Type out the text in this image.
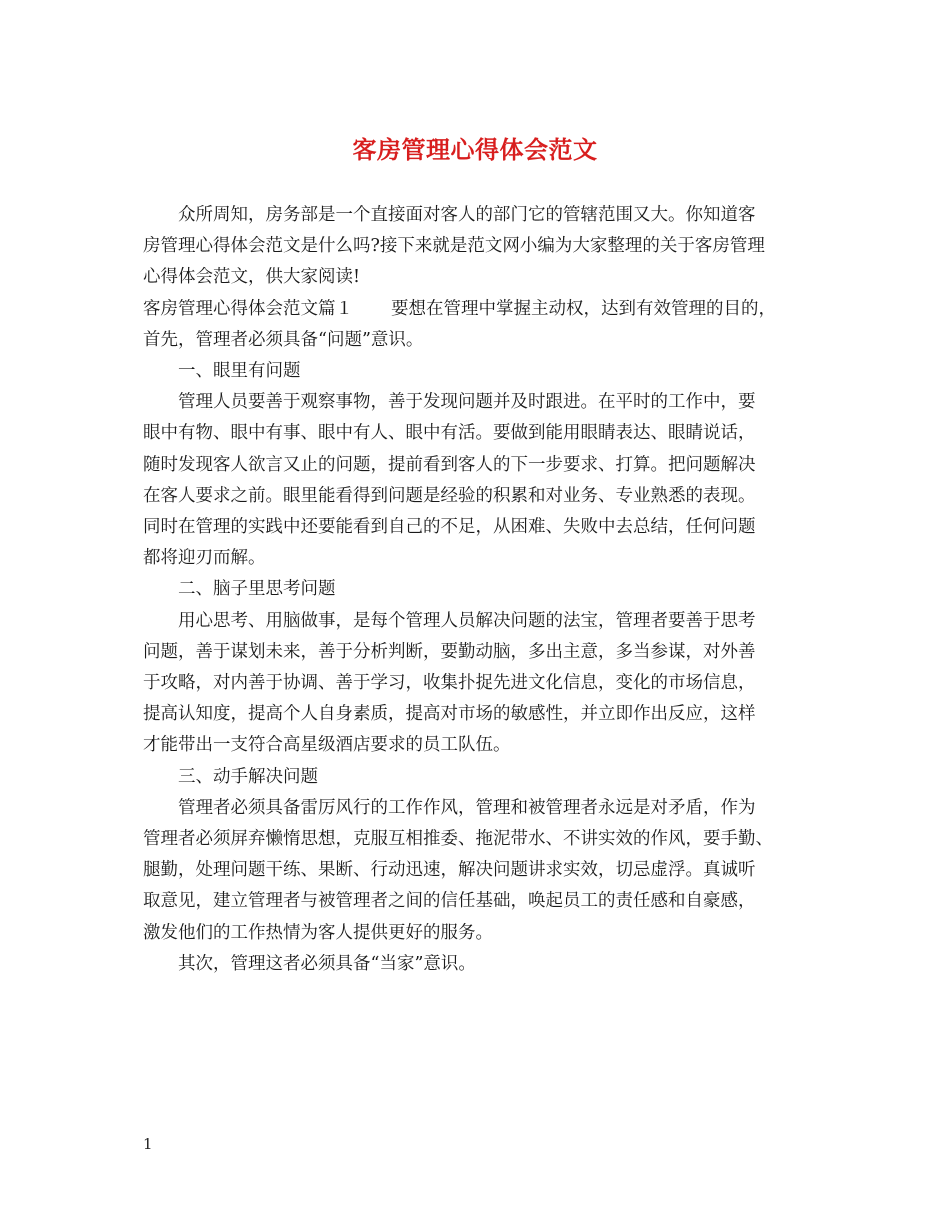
客房管理心得体会范文
众所周知，房务部是一个直接面对客人的部门它的管辖范围又大。你知道客
房管理心得体会范文是什么吗?接下来就是范文网小编为大家整理的关于客房管理
心得体会范文，供大家阅读!
客房管理心得体会范文篇１ 要想在管理中掌握主动权，达到有效管理的目的，
首先，管理者必须具备“问题”意识。
一、眼里有问题
管理人员要善于观察事物，善于发现问题并及时跟进。在平时的工作中，要
眼中有物、眼中有事、眼中有人、眼中有活。要做到能用眼睛表达、眼睛说话，
随时发现客人欲言又止的问题，提前看到客人的下一步要求、打算。把问题解决
在客人要求之前。眼里能看得到问题是经验的积累和对业务、专业熟悉的表现。
同时在管理的实践中还要能看到自己的不足，从困难、失败中去总结，任何问题
都将迎刃而解。
二、脑子里思考问题
用心思考、用脑做事，是每个管理人员解决问题的法宝，管理者要善于思考
问题，善于谋划未来，善于分析判断，要勤动脑，多出主意，多当参谋，对外善
于攻略，对内善于协调、善于学习，收集扑捉先进文化信息，变化的市场信息，
提高认知度，提高个人自身素质，提高对市场的敏感性，并立即作出反应，这样
才能带出一支符合高星级酒店要求的员工队伍。
三、动手解决问题
管理者必须具备雷厉风行的工作作风，管理和被管理者永远是对矛盾，作为
管理者必须屏弃懒惰思想，克服互相推委、拖泥带水、不讲实效的作风，要手勤、
腿勤，处理问题干练、果断、行动迅速，解决问题讲求实效，切忌虚浮。真诚听
取意见，建立管理者与被管理者之间的信任基础，唤起员工的责任感和自豪感，
激发他们的工作热情为客人提供更好的服务。
其次，管理这者必须具备“当家”意识。
1
